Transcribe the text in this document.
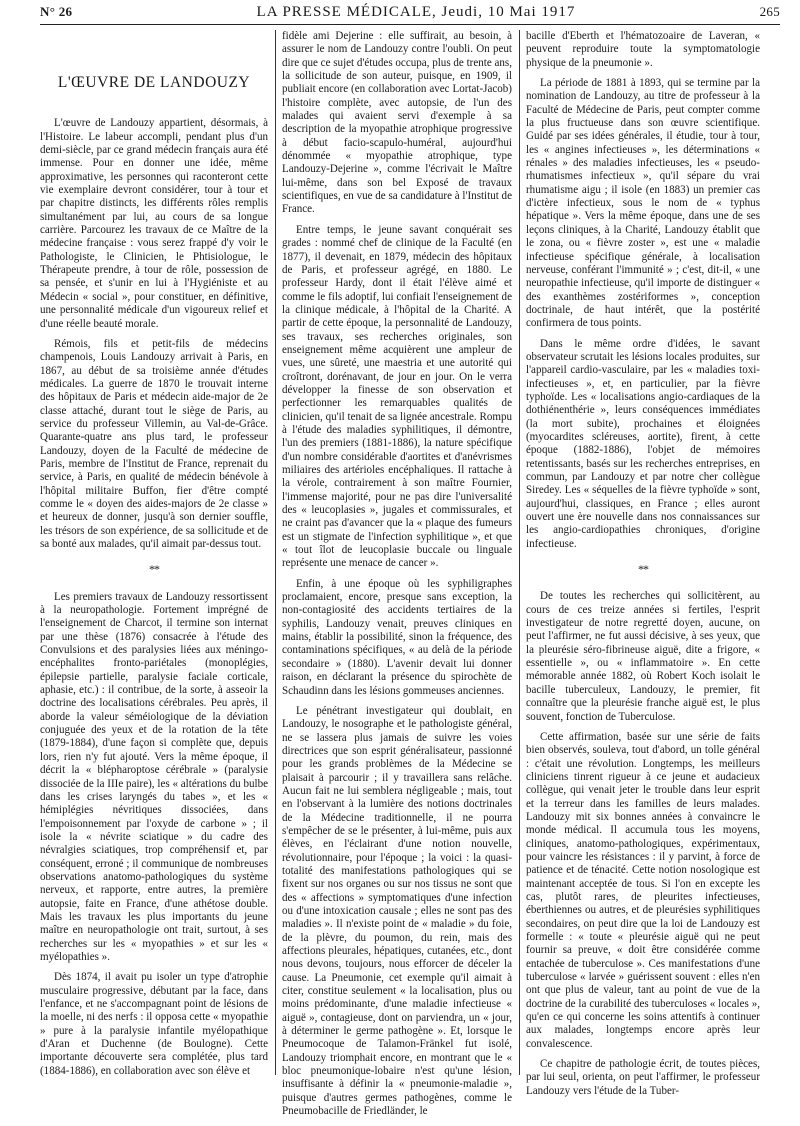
N° 26	LA PRESSE MÉDICALE, Jeudi, 10 Mai 1917	265
L'ŒUVRE DE LANDOUZY

L'œuvre de Landouzy appartient, désormais, à l'Histoire. Le labeur accompli, pendant plus d'un demi-siècle, par ce grand médecin français aura été immense. Pour en donner une idée, même approximative, les personnes qui raconteront cette vie exemplaire devront considérer, tour à tour et par chapitre distincts, les différents rôles remplis simultanément par lui, au cours de sa longue carrière. Parcourez les travaux de ce Maître de la médecine française : vous serez frappé d'y voir le Pathologiste, le Clinicien, le Phtisiologue, le Thérapeute prendre, à tour de rôle, possession de sa pensée, et s'unir en lui à l'Hygiéniste et au Médecin « social », pour constituer, en définitive, une personnalité médicale d'un vigoureux relief et d'une réelle beauté morale.

Rémois, fils et petit-fils de médecins champenois, Louis Landouzy arrivait à Paris, en 1867, au début de sa troisième année d'études médicales. La guerre de 1870 le trouvait interne des hôpitaux de Paris et médecin aide-major de 2e classe attaché, durant tout le siège de Paris, au service du professeur Villemin, au Val-de-Grâce. Quarante-quatre ans plus tard, le professeur Landouzy, doyen de la Faculté de médecine de Paris, membre de l'Institut de France, reprenait du service, à Paris, en qualité de médecin bénévole à l'hôpital militaire Buffon, fier d'être compté comme le « doyen des aides-majors de 2e classe » et heureux de donner, jusqu'à son dernier souffle, les trésors de son expérience, de sa sollicitude et de sa bonté aux malades, qu'il aimait par-dessus tout.

**

Les premiers travaux de Landouzy ressortissent à la neuropathologie. Fortement imprégné de l'enseignement de Charcot, il termine son internat par une thèse (1876) consacrée à l'étude des Convulsions et des paralysies liées aux méningo-encéphalites fronto-pariétales (monoplégies, épilepsie partielle, paralysie faciale corticale, aphasie, etc.) : il contribue, de la sorte, à asseoir la doctrine des localisations cérébrales. Peu après, il aborde la valeur séméiologique de la déviation conjuguée des yeux et de la rotation de la tête (1879-1884), d'une façon si complète que, depuis lors, rien n'y fut ajouté. Vers la même époque, il décrit la « blépharoptose cérébrale » (paralysie dissociée de la IIIe paire), les « altérations du bulbe dans les crises laryngés du tabes », et les « hémiplégies névritiques dissociées, dans l'empoisonnement par l'oxyde de carbone » ; il isole la « névrite sciatique » du cadre des névralgies sciatiques, trop compréhensif et, par conséquent, erroné ; il communique de nombreuses observations anatomo-pathologiques du système nerveux, et rapporte, entre autres, la première autopsie, faite en France, d'une athétose double. Mais les travaux les plus importants du jeune maître en neuropathologie ont trait, surtout, à ses recherches sur les « myopathies » et sur les « myélopathies ».

Dès 1874, il avait pu isoler un type d'atrophie musculaire progressive, débutant par la face, dans l'enfance, et ne s'accompagnant point de lésions de la moelle, ni des nerfs : il opposa cette « myopathie » pure à la paralysie infantile myélopathique d'Aran et Duchenne (de Boulogne). Cette importante découverte sera complétée, plus tard (1884-1886), en collaboration avec son élève et

fidèle ami Dejerine : elle suffirait, au besoin, à assurer le nom de Landouzy contre l'oubli. On peut dire que ce sujet d'études occupa, plus de trente ans, la sollicitude de son auteur, puisque, en 1909, il publiait encore (en collaboration avec Lortat-Jacob) l'histoire complète, avec autopsie, de l'un des malades qui avaient servi d'exemple à sa description de la myopathie atrophique progressive à début facio-scapulo-huméral, aujourd'hui dénommée « myopathie atrophique, type Landouzy-Dejerine », comme l'écrivait le Maître lui-même, dans son bel Exposé de travaux scientifiques, en vue de sa candidature à l'Institut de France.

Entre temps, le jeune savant conquérait ses grades : nommé chef de clinique de la Faculté (en 1877), il devenait, en 1879, médecin des hôpitaux de Paris, et professeur agrégé, en 1880. Le professeur Hardy, dont il était l'élève aimé et comme le fils adoptif, lui confiait l'enseignement de la clinique médicale, à l'hôpital de la Charité. A partir de cette époque, la personnalité de Landouzy, ses travaux, ses recherches originales, son enseignement même acquièrent une ampleur de vues, une sûreté, une maestria et une autorité qui croîtront, dorénavant, de jour en jour. On le verra développer la finesse de son observation et perfectionner les remarquables qualités de clinicien, qu'il tenait de sa lignée ancestrale. Rompu à l'étude des maladies syphilitiques, il démontre, l'un des premiers (1881-1886), la nature spécifique d'un nombre considérable d'aortites et d'anévrismes miliaires des artérioles encéphaliques. Il rattache à la vérole, contrairement à son maître Fournier, l'immense majorité, pour ne pas dire l'universalité des « leucoplasies », jugales et commissurales, et ne craint pas d'avancer que la « plaque des fumeurs est un stigmate de l'infection syphilitique », et que « tout îlot de leucoplasie buccale ou linguale représente une menace de cancer ».

Enfin, à une époque où les syphiligraphes proclamaient, encore, presque sans exception, la non-contagiosité des accidents tertiaires de la syphilis, Landouzy venait, preuves cliniques en mains, établir la possibilité, sinon la fréquence, des contaminations spécifiques, « au delà de la période secondaire » (1880). L'avenir devait lui donner raison, en déclarant la présence du spirochète de Schaudinn dans les lésions gommeuses anciennes.

Le pénétrant investigateur qui doublait, en Landouzy, le nosographe et le pathologiste général, ne se lassera plus jamais de suivre les voies directrices que son esprit généralisateur, passionné pour les grands problèmes de la Médecine se plaisait à parcourir ; il y travaillera sans relâche. Aucun fait ne lui semblera négligeable ; mais, tout en l'observant à la lumière des notions doctrinales de la Médecine traditionnelle, il ne pourra s'empêcher de se le présenter, à lui-même, puis aux élèves, en l'éclairant d'une notion nouvelle, révolutionnaire, pour l'époque ; la voici : la quasi-totalité des manifestations pathologiques qui se fixent sur nos organes ou sur nos tissus ne sont que des « affections » symptomatiques d'une infection ou d'une intoxication causale ; elles ne sont pas des maladies ». Il n'existe point de « maladie » du foie, de la plèvre, du poumon, du rein, mais des affections pleurales, hépatiques, cutanées, etc., dont nous devons, toujours, nous efforcer de déceler la cause. La Pneumonie, cet exemple qu'il aimait à citer, constitue seulement « la localisation, plus ou moins prédominante, d'une maladie infectieuse « aiguë », contagieuse, dont on parviendra, un « jour, à déterminer le germe pathogène ». Et, lorsque le Pneumocoque de Talamon-Fränkel fut isolé, Landouzy triomphait encore, en montrant que le « bloc pneumonique-lobaire n'est qu'une lésion, insuffisante à définir la « pneumonie-maladie », puisque d'autres germes pathogènes, comme le Pneumobacille de Friedländer, le

bacille d'Eberth et l'hématozoaire de Laveran, « peuvent reproduire toute la symptomatologie physique de la pneumonie ».

La période de 1881 à 1893, qui se termine par la nomination de Landouzy, au titre de professeur à la Faculté de Médecine de Paris, peut compter comme la plus fructueuse dans son œuvre scientifique. Guidé par ses idées générales, il étudie, tour à tour, les « angines infectieuses », les déterminations « rénales » des maladies infectieuses, les « pseudo-rhumatismes infectieux », qu'il sépare du vrai rhumatisme aigu ; il isole (en 1883) un premier cas d'ictère infectieux, sous le nom de « typhus hépatique ». Vers la même époque, dans une de ses leçons cliniques, à la Charité, Landouzy établit que le zona, ou « fièvre zoster », est une « maladie infectieuse spécifique générale, à localisation nerveuse, conférant l'immunité » ; c'est, dit-il, « une neuropathie infectieuse, qu'il importe de distinguer « des exanthèmes zostériformes », conception doctrinale, de haut intérêt, que la postérité confirmera de tous points.

Dans le même ordre d'idées, le savant observateur scrutait les lésions locales produites, sur l'appareil cardio-vasculaire, par les « maladies toxi-infectieuses », et, en particulier, par la fièvre typhoïde. Les « localisations angio-cardiaques de la dothiénenthérie », leurs conséquences immédiates (la mort subite), prochaines et éloignées (myocardites scléreuses, aortite), firent, à cette époque (1882-1886), l'objet de mémoires retentissants, basés sur les recherches entreprises, en commun, par Landouzy et par notre cher collègue Siredey. Les « séquelles de la fièvre typhoïde » sont, aujourd'hui, classiques, en France ; elles auront ouvert une ère nouvelle dans nos connaissances sur les angio-cardiopathies chroniques, d'origine infectieuse.

**

De toutes les recherches qui sollicitèrent, au cours de ces treize années si fertiles, l'esprit investigateur de notre regretté doyen, aucune, on peut l'affirmer, ne fut aussi décisive, à ses yeux, que la pleurésie séro-fibrineuse aiguë, dite a frigore, « essentielle », ou « inflammatoire ». En cette mémorable année 1882, où Robert Koch isolait le bacille tuberculeux, Landouzy, le premier, fit connaître que la pleurésie franche aiguë est, le plus souvent, fonction de Tuberculose.

Cette affirmation, basée sur une série de faits bien observés, souleva, tout d'abord, un tolle général : c'était une révolution. Longtemps, les meilleurs cliniciens tinrent rigueur à ce jeune et audacieux collègue, qui venait jeter le trouble dans leur esprit et la terreur dans les familles de leurs malades. Landouzy mit six bonnes années à convaincre le monde médical. Il accumula tous les moyens, cliniques, anatomo-pathologiques, expérimentaux, pour vaincre les résistances : il y parvint, à force de patience et de ténacité. Cette notion nosologique est maintenant acceptée de tous. Si l'on en excepte les cas, plutôt rares, de pleurites infectieuses, éberthiennes ou autres, et de pleurésies syphilitiques secondaires, on peut dire que la loi de Landouzy est formelle : « toute « pleurésie aiguë qui ne peut fournir sa preuve, « doit être considérée comme entachée de tuberculose ». Ces manifestations d'une tuberculose « larvée » guérissent souvent : elles n'en ont que plus de valeur, tant au point de vue de la doctrine de la curabilité des tuberculoses « locales », qu'en ce qui concerne les soins attentifs à continuer aux malades, longtemps encore après leur convalescence.

Ce chapitre de pathologie écrit, de toutes pièces, par lui seul, orienta, on peut l'affirmer, le professeur Landouzy vers l'étude de la Tuber-
